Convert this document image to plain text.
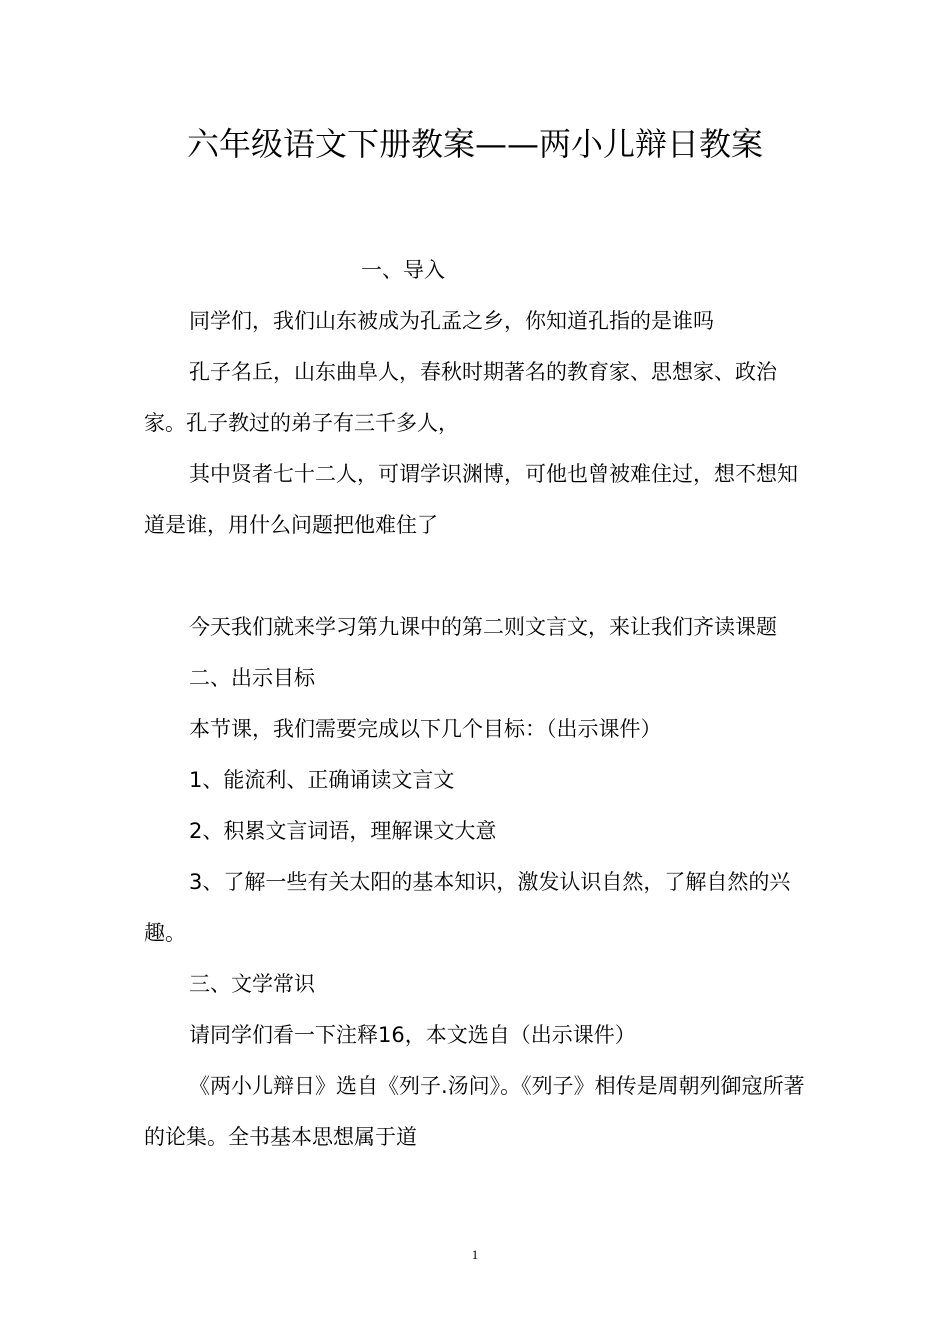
六年级语文下册教案——两小儿辩日教案

一、导入

同学们，我们山东被成为孔孟之乡，你知道孔指的是谁吗

孔子名丘，山东曲阜人，春秋时期著名的教育家、思想家、政治家。孔子教过的弟子有三千多人，

其中贤者七十二人，可谓学识渊博，可他也曾被难住过，想不想知道是谁，用什么问题把他难住了

今天我们就来学习第九课中的第二则文言文，来让我们齐读课题

二、出示目标

本节课，我们需要完成以下几个目标：（出示课件）

1、能流利、正确诵读文言文

2、积累文言词语，理解课文大意

3、了解一些有关太阳的基本知识，激发认识自然，了解自然的兴趣。

三、文学常识

请同学们看一下注释16，本文选自（出示课件）

《两小儿辩日》选自《列子.汤问》。《列子》相传是周朝列御寇所著的论集。全书基本思想属于道

1
